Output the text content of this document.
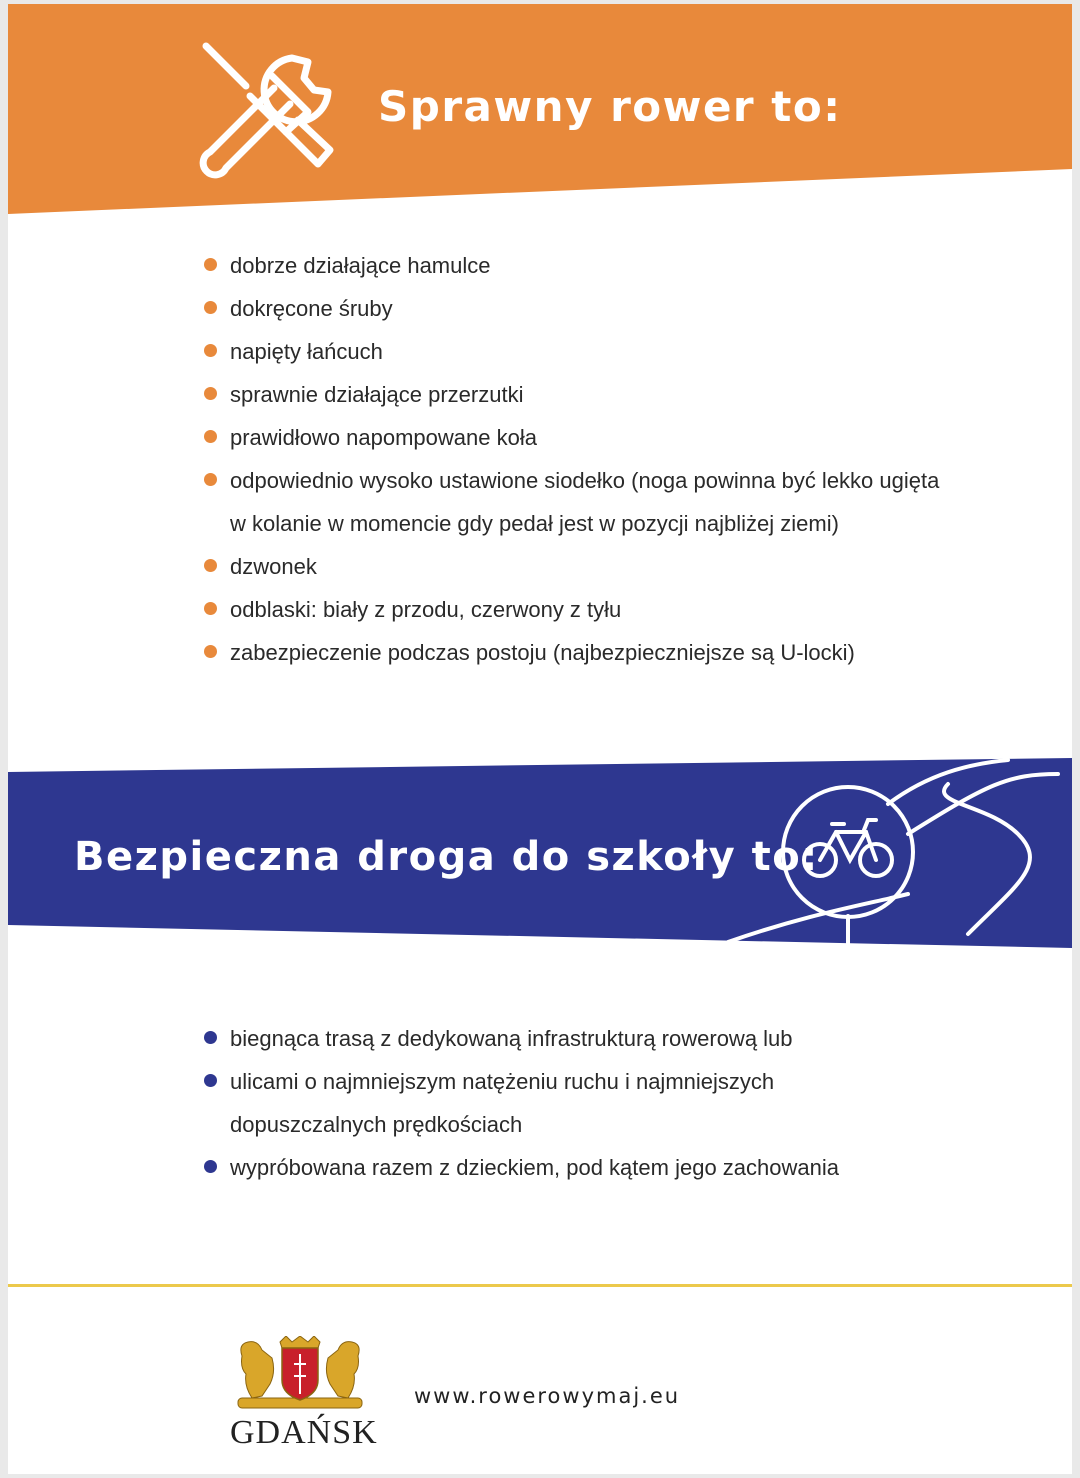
Sprawny rower to:
dobrze działające hamulce
dokręcone śruby
napięty łańcuch
sprawnie działające przerzutki
prawidłowo napompowane koła
odpowiednio wysoko ustawione siodełko (noga powinna być lekko ugięta w kolanie w momencie gdy pedał jest w pozycji najbliżej ziemi)
dzwonek
odblaski: biały z przodu, czerwony z tyłu
zabezpieczenie podczas postoju (najbezpieczniejsze są U-locki)
Bezpieczna droga do szkoły to:
biegnąca trasą z dedykowaną infrastrukturą rowerową lub
ulicami o najmniejszym natężeniu ruchu i najmniejszych dopuszczalnych prędkościach
wypróbowana razem z dzieckiem, pod kątem jego zachowania
GDAŃSK
www.rowerowymaj.eu
